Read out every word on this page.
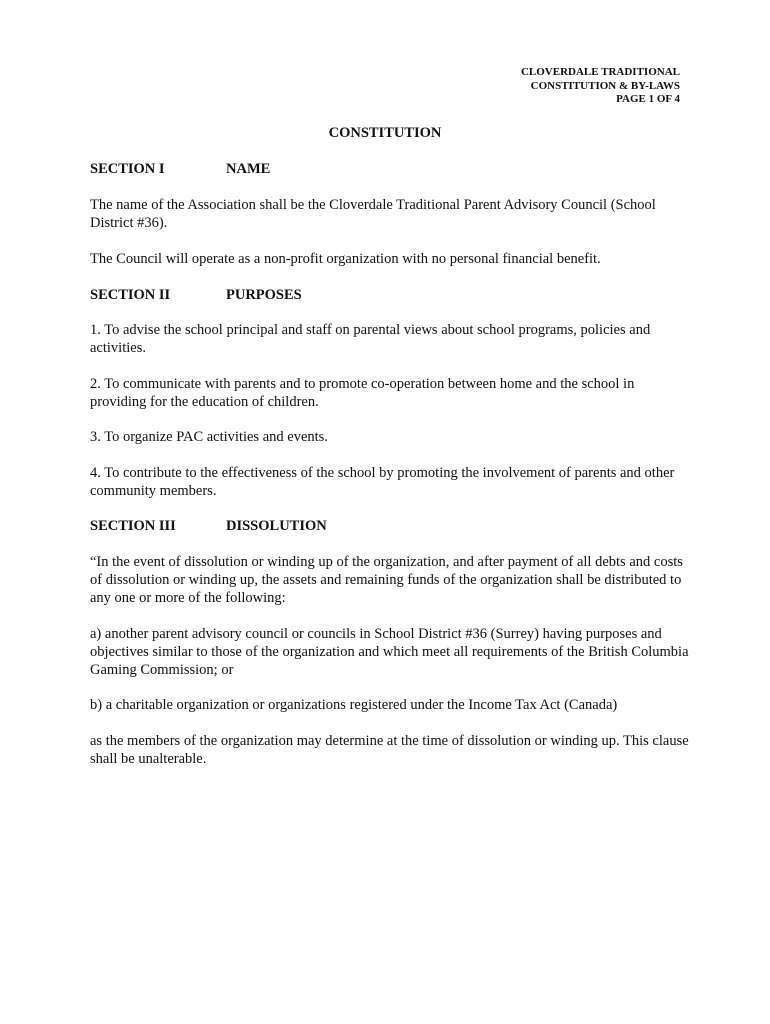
CLOVERDALE TRADITIONAL
CONSTITUTION & BY-LAWS
PAGE 1 OF 4
CONSTITUTION
SECTION I	NAME

The name of the Association shall be the Cloverdale Traditional Parent Advisory Council (School District #36).

The Council will operate as a non-profit organization with no personal financial benefit.

SECTION II	PURPOSES

1. To advise the school principal and staff on parental views about school programs, policies and activities.

2. To communicate with parents and to promote co-operation between home and the school in providing for the education of children.

3. To organize PAC activities and events.

4. To contribute to the effectiveness of the school by promoting the involvement of parents and other community members.

SECTION III	DISSOLUTION

“In the event of dissolution or winding up of the organization, and after payment of all debts and costs of dissolution or winding up, the assets and remaining funds of the organization shall be distributed to any one or more of the following:

a) another parent advisory council or councils in School District #36 (Surrey) having purposes and objectives similar to those of the organization and which meet all requirements of the British Columbia Gaming Commission; or

b) a charitable organization or organizations registered under the Income Tax Act (Canada)

as the members of the organization may determine at the time of dissolution or winding up. This clause shall be unalterable.
